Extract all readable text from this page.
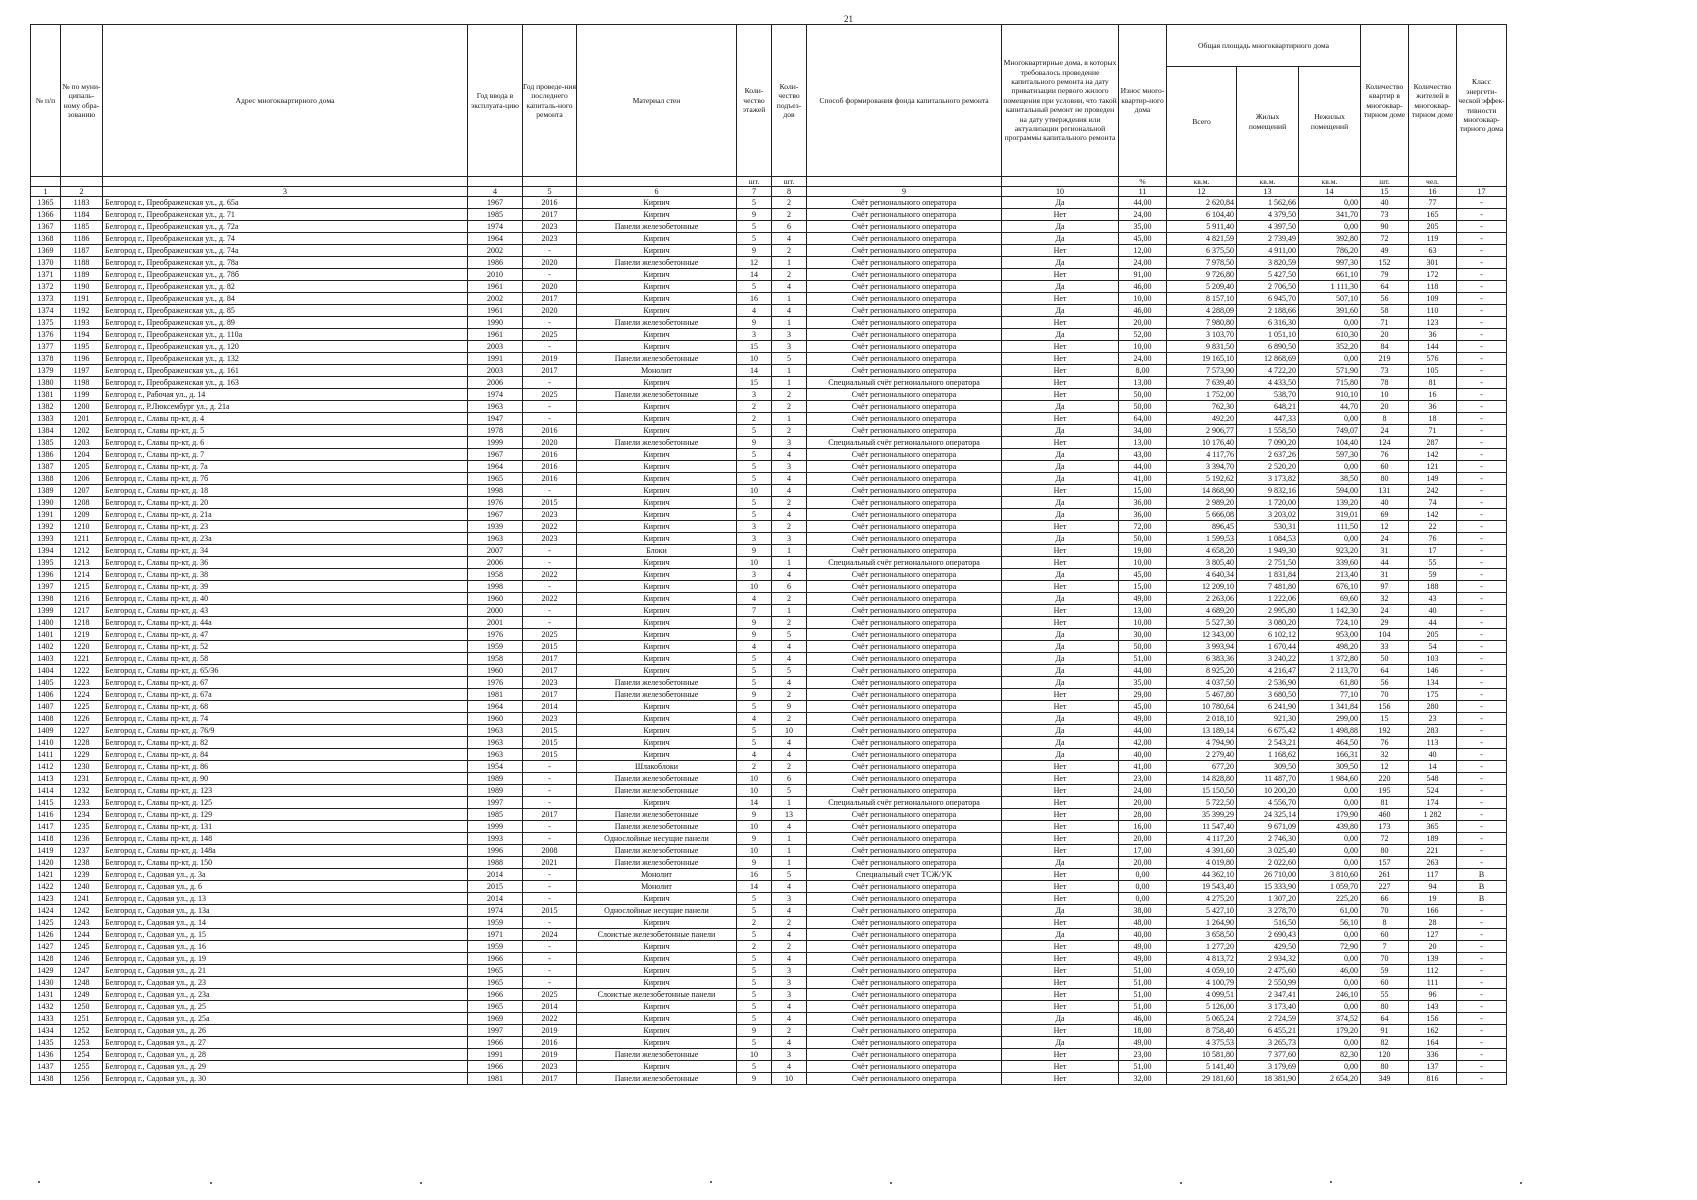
21
№ п/п	№ по муни-ципаль-ному обра-зованию	Адрес многоквартирного дома	Год ввода в эксплуата-цию	Год проведе-ния последнего капиталь-ного ремонта	Материал стен	Коли-чество этажей	Коли-чество подъез-дов	Способ формирования фонда капитального ремонта	Многоквартирные дома, в которых требовалось проведение капитального ремонта на дату приватизации первого жилого помещения при условии, что такой капитальный ремонт не проведен на дату утверждения или актуализации региональной программы капитального ремонта	Износ много-квартир-ного дома	Общая площадь многоквартирного дома			Количество квартир в многоквар-тирном доме	Количество жителей в многоквар-тирном доме	Класс энергети-ческой эффек-тивности многоквар-тирного дома
											Всего	Жилых помещений	Нежилых помещений			
						шт.	шт.			%	кв.м.	кв.м.	кв.м.	шт.	чел.	
1	2	3	4	5	6	7	8	9	10	11	12	13	14	15	16	17
1365	1183	Белгород г., Преображенская ул., д. 65а	1967	2016	Кирпич	5	2	Счёт регионального оператора	Да	44,00	2 620,84	1 562,66	0,00	40	77	-
1366	1184	Белгород г., Преображенская ул., д. 71	1985	2017	Кирпич	9	2	Счёт регионального оператора	Нет	24,00	6 104,40	4 379,50	341,70	73	165	-
1367	1185	Белгород г., Преображенская ул., д. 72а	1974	2023	Панели железобетонные	5	6	Счёт регионального оператора	Да	35,00	5 911,40	4 397,50	0,00	90	205	-
1368	1186	Белгород г., Преображенская ул., д. 74	1964	2023	Кирпич	5	4	Счёт регионального оператора	Да	45,00	4 821,59	2 739,49	392,80	72	119	-
1369	1187	Белгород г., Преображенская ул., д. 74а	2002	-	Кирпич	9	2	Счёт регионального оператора	Нет	12,00	6 375,50	4 911,00	786,20	49	63	-
1370	1188	Белгород г., Преображенская ул., д. 78а	1986	2020	Панели железобетонные	12	1	Счёт регионального оператора	Да	24,00	7 978,50	3 820,59	997,30	152	301	-
1371	1189	Белгород г., Преображенская ул., д. 78б	2010	-	Кирпич	14	2	Счёт регионального оператора	Нет	91,00	9 726,80	5 427,50	661,10	79	172	-
1372	1190	Белгород г., Преображенская ул., д. 82	1961	2020	Кирпич	5	4	Счёт регионального оператора	Да	46,00	5 209,40	2 706,50	1 111,30	64	118	-
1373	1191	Белгород г., Преображенская ул., д. 84	2002	2017	Кирпич	16	1	Счёт регионального оператора	Нет	10,00	8 157,10	6 945,70	507,10	56	109	-
1374	1192	Белгород г., Преображенская ул., д. 85	1961	2020	Кирпич	4	4	Счёт регионального оператора	Да	46,00	4 288,09	2 188,66	391,60	58	110	-
1375	1193	Белгород г., Преображенская ул., д. 89	1990	-	Панели железобетонные	9	1	Счёт регионального оператора	Нет	20,00	7 980,80	6 316,30	0,00	71	123	-
1376	1194	Белгород г., Преображенская ул., д. 110а	1961	2025	Кирпич	3	3	Счёт регионального оператора	Да	52,00	3 103,70	1 051,10	610,30	20	36	-
1377	1195	Белгород г., Преображенская ул., д. 120	2003	-	Кирпич	15	3	Счёт регионального оператора	Нет	10,00	9 831,50	6 890,50	352,20	84	144	-
1378	1196	Белгород г., Преображенская ул., д. 132	1991	2019	Панели железобетонные	10	5	Счёт регионального оператора	Нет	24,00	19 165,10	12 868,69	0,00	219	576	-
1379	1197	Белгород г., Преображенская ул., д. 161	2003	2017	Монолит	14	1	Счёт регионального оператора	Нет	8,00	7 573,90	4 722,20	571,90	73	105	-
1380	1198	Белгород г., Преображенская ул., д. 163	2006	-	Кирпич	15	1	Специальный счёт регионального оператора	Нет	13,00	7 639,40	4 433,50	715,80	78	81	-
1381	1199	Белгород г., Рабочая ул., д. 14	1974	2025	Панели железобетонные	3	2	Счёт регионального оператора	Нет	50,00	1 752,00	538,70	910,10	10	16	-
1382	1200	Белгород г., Р.Люксембург ул., д. 21а	1963	-	Кирпич	2	2	Счёт регионального оператора	Да	50,00	762,30	648,21	44,70	20	36	-
1383	1201	Белгород г., Славы пр-кт, д. 4	1947	-	Кирпич	2	1	Счёт регионального оператора	Нет	64,00	492,20	447,33	0,00	8	18	-
1384	1202	Белгород г., Славы пр-кт, д. 5	1978	2016	Кирпич	5	2	Счёт регионального оператора	Да	34,00	2 906,77	1 558,50	749,07	24	71	-
1385	1203	Белгород г., Славы пр-кт, д. 6	1999	2020	Панели железобетонные	9	3	Специальный счёт регионального оператора	Нет	13,00	10 176,40	7 090,20	104,40	124	287	-
1386	1204	Белгород г., Славы пр-кт, д. 7	1967	2016	Кирпич	5	4	Счёт регионального оператора	Да	43,00	4 117,76	2 637,26	597,30	76	142	-
1387	1205	Белгород г., Славы пр-кт, д. 7а	1964	2016	Кирпич	5	3	Счёт регионального оператора	Да	44,00	3 394,70	2 520,20	0,00	60	121	-
1388	1206	Белгород г., Славы пр-кт, д. 7б	1965	2016	Кирпич	5	4	Счёт регионального оператора	Да	41,00	5 192,62	3 173,82	38,50	80	149	-
1389	1207	Белгород г., Славы пр-кт, д. 18	1998	-	Кирпич	10	4	Счёт регионального оператора	Нет	15,00	14 868,90	9 832,16	594,00	131	242	-
1390	1208	Белгород г., Славы пр-кт, д. 20	1976	2015	Кирпич	5	2	Счёт регионального оператора	Да	36,00	2 989,20	1 720,00	139,20	40	74	-
1391	1209	Белгород г., Славы пр-кт, д. 21а	1967	2023	Кирпич	5	4	Счёт регионального оператора	Да	36,00	5 666,08	3 203,02	319,01	69	142	-
1392	1210	Белгород г., Славы пр-кт, д. 23	1939	2022	Кирпич	3	2	Счёт регионального оператора	Нет	72,00	896,45	530,31	111,50	12	22	-
1393	1211	Белгород г., Славы пр-кт, д. 23а	1963	2023	Кирпич	3	3	Счёт регионального оператора	Да	50,00	1 599,53	1 084,53	0,00	24	76	-
1394	1212	Белгород г., Славы пр-кт, д. 34	2007	-	Блоки	9	1	Счёт регионального оператора	Нет	19,00	4 658,20	1 949,30	923,20	31	17	-
1395	1213	Белгород г., Славы пр-кт, д. 36	2006	-	Кирпич	10	1	Специальный счёт регионального оператора	Нет	10,00	3 805,40	2 751,50	339,60	44	55	-
1396	1214	Белгород г., Славы пр-кт, д. 38	1958	2022	Кирпич	3	4	Счёт регионального оператора	Да	45,00	4 640,34	1 831,84	213,40	31	59	-
1397	1215	Белгород г., Славы пр-кт, д. 39	1998	-	Кирпич	10	6	Счёт регионального оператора	Нет	15,00	12 209,10	7 481,80	676,10	97	188	-
1398	1216	Белгород г., Славы пр-кт, д. 40	1960	2022	Кирпич	4	2	Счёт регионального оператора	Да	49,00	2 263,06	1 222,06	69,60	32	43	-
1399	1217	Белгород г., Славы пр-кт, д. 43	2000	-	Кирпич	7	1	Счёт регионального оператора	Нет	13,00	4 689,20	2 995,80	1 142,30	24	40	-
1400	1218	Белгород г., Славы пр-кт, д. 44а	2001	-	Кирпич	9	2	Счёт регионального оператора	Нет	10,00	5 527,30	3 080,20	724,10	29	44	-
1401	1219	Белгород г., Славы пр-кт, д. 47	1976	2025	Кирпич	9	5	Счёт регионального оператора	Да	30,00	12 343,00	6 102,12	953,00	104	205	-
1402	1220	Белгород г., Славы пр-кт, д. 52	1959	2015	Кирпич	4	4	Счёт регионального оператора	Да	50,00	3 993,94	1 670,44	498,20	33	54	-
1403	1221	Белгород г., Славы пр-кт, д. 58	1958	2017	Кирпич	5	4	Счёт регионального оператора	Да	51,00	6 383,36	3 240,22	1 372,80	50	103	-
1404	1222	Белгород г., Славы пр-кт, д. 65/36	1960	2017	Кирпич	5	5	Счёт регионального оператора	Да	44,00	8 925,20	4 216,47	2 113,70	64	146	-
1405	1223	Белгород г., Славы пр-кт, д. 67	1976	2023	Панели железобетонные	5	4	Счёт регионального оператора	Да	35,00	4 037,50	2 536,90	61,80	56	134	-
1406	1224	Белгород г., Славы пр-кт, д. 67а	1981	2017	Панели железобетонные	9	2	Счёт регионального оператора	Нет	29,00	5 467,80	3 680,50	77,10	70	175	-
1407	1225	Белгород г., Славы пр-кт, д. 68	1964	2014	Кирпич	5	9	Счёт регионального оператора	Нет	45,00	10 780,64	6 241,90	1 341,84	156	280	-
1408	1226	Белгород г., Славы пр-кт, д. 74	1960	2023	Кирпич	4	2	Счёт регионального оператора	Да	49,00	2 018,10	921,30	299,00	15	23	-
1409	1227	Белгород г., Славы пр-кт, д. 76/9	1963	2015	Кирпич	5	10	Счёт регионального оператора	Да	44,00	13 189,14	6 675,42	1 498,88	192	283	-
1410	1228	Белгород г., Славы пр-кт, д. 82	1963	2015	Кирпич	5	4	Счёт регионального оператора	Да	42,00	4 794,90	2 543,21	464,50	76	113	-
1411	1229	Белгород г., Славы пр-кт, д. 84	1963	2015	Кирпич	4	4	Счёт регионального оператора	Да	40,00	2 279,40	1 168,62	166,31	32	40	-
1412	1230	Белгород г., Славы пр-кт, д. 86	1954	-	Шлакоблоки	2	2	Счёт регионального оператора	Нет	41,00	677,20	309,50	309,50	12	14	-
1413	1231	Белгород г., Славы пр-кт, д. 90	1989	-	Панели железобетонные	10	6	Счёт регионального оператора	Нет	23,00	14 828,80	11 487,70	1 984,60	220	548	-
1414	1232	Белгород г., Славы пр-кт, д. 123	1989	-	Панели железобетонные	10	5	Счёт регионального оператора	Нет	24,00	15 150,50	10 200,20	0,00	195	524	-
1415	1233	Белгород г., Славы пр-кт, д. 125	1997	-	Кирпич	14	1	Специальный счёт регионального оператора	Нет	20,00	5 722,50	4 556,70	0,00	81	174	-
1416	1234	Белгород г., Славы пр-кт, д. 129	1985	2017	Панели железобетонные	9	13	Счёт регионального оператора	Нет	28,00	35 399,29	24 325,14	179,90	460	1 282	-
1417	1235	Белгород г., Славы пр-кт, д. 131	1999	-	Панели железобетонные	10	4	Счёт регионального оператора	Нет	16,00	11 547,40	9 671,09	439,80	173	365	-
1418	1236	Белгород г., Славы пр-кт, д. 148	1993	-	Однослойные несущие панели	9	1	Счёт регионального оператора	Нет	20,00	4 117,20	2 746,30	0,00	72	189	-
1419	1237	Белгород г., Славы пр-кт, д. 148а	1996	2008	Панели железобетонные	10	1	Счёт регионального оператора	Нет	17,00	4 391,60	3 025,40	0,00	80	221	-
1420	1238	Белгород г., Славы пр-кт, д. 150	1988	2021	Панели железобетонные	9	1	Счёт регионального оператора	Да	20,00	4 019,80	2 022,60	0,00	157	263	-
1421	1239	Белгород г., Садовая ул., д. 3а	2014	-	Монолит	16	5	Специальный счет ТСЖ/УК	Нет	0,00	44 362,10	26 710,00	3 810,60	261	117	В
1422	1240	Белгород г., Садовая ул., д. 6	2015	-	Монолит	14	4	Счёт регионального оператора	Нет	0,00	19 543,40	15 333,90	1 059,70	227	94	В
1423	1241	Белгород г., Садовая ул., д. 13	2014	-	Кирпич	5	3	Счёт регионального оператора	Нет	0,00	4 275,20	1 307,20	225,20	66	19	В
1424	1242	Белгород г., Садовая ул., д. 13а	1974	2015	Однослойные несущие панели	5	4	Счёт регионального оператора	Да	38,00	5 427,10	3 278,70	61,00	70	166	-
1425	1243	Белгород г., Садовая ул., д. 14	1959	-	Кирпич	2	2	Счёт регионального оператора	Нет	48,00	1 264,90	516,50	56,10	8	28	-
1426	1244	Белгород г., Садовая ул., д. 15	1971	2024	Слоистые железобетонные панели	5	4	Счёт регионального оператора	Да	40,00	3 658,50	2 690,43	0,00	60	127	-
1427	1245	Белгород г., Садовая ул., д. 16	1959	-	Кирпич	2	2	Счёт регионального оператора	Нет	49,00	1 277,20	429,50	72,90	7	20	-
1428	1246	Белгород г., Садовая ул., д. 19	1966	-	Кирпич	5	4	Счёт регионального оператора	Нет	49,00	4 813,72	2 934,32	0,00	70	139	-
1429	1247	Белгород г., Садовая ул., д. 21	1965	-	Кирпич	5	3	Счёт регионального оператора	Нет	51,00	4 059,10	2 475,60	46,00	59	112	-
1430	1248	Белгород г., Садовая ул., д. 23	1965	-	Кирпич	5	3	Счёт регионального оператора	Нет	51,00	4 100,79	2 550,99	0,00	60	111	-
1431	1249	Белгород г., Садовая ул., д. 23а	1966	2025	Слоистые железобетонные панели	5	3	Счёт регионального оператора	Нет	51,00	4 099,51	2 347,41	246,10	55	96	-
1432	1250	Белгород г., Садовая ул., д. 25	1965	2014	Кирпич	5	4	Счёт регионального оператора	Нет	51,00	5 126,00	3 173,40	0,00	80	143	-
1433	1251	Белгород г., Садовая ул., д. 25а	1969	2022	Кирпич	5	4	Счёт регионального оператора	Да	46,00	5 065,24	2 724,59	374,52	64	156	-
1434	1252	Белгород г., Садовая ул., д. 26	1997	2019	Кирпич	9	2	Счёт регионального оператора	Нет	18,00	8 758,40	6 455,21	179,20	91	162	-
1435	1253	Белгород г., Садовая ул., д. 27	1966	2016	Кирпич	5	4	Счёт регионального оператора	Да	49,00	4 375,53	3 265,73	0,00	82	164	-
1436	1254	Белгород г., Садовая ул., д. 28	1991	2019	Панели железобетонные	10	3	Счёт регионального оператора	Нет	23,00	10 581,80	7 377,60	82,30	120	336	-
1437	1255	Белгород г., Садовая ул., д. 29	1966	2023	Кирпич	5	4	Счёт регионального оператора	Нет	51,00	5 141,40	3 179,69	0,00	80	137	-
1438	1256	Белгород г., Садовая ул., д. 30	1981	2017	Панели железобетонные	9	10	Счёт регионального оператора	Нет	32,00	29 181,60	18 381,90	2 654,20	349	816	-
